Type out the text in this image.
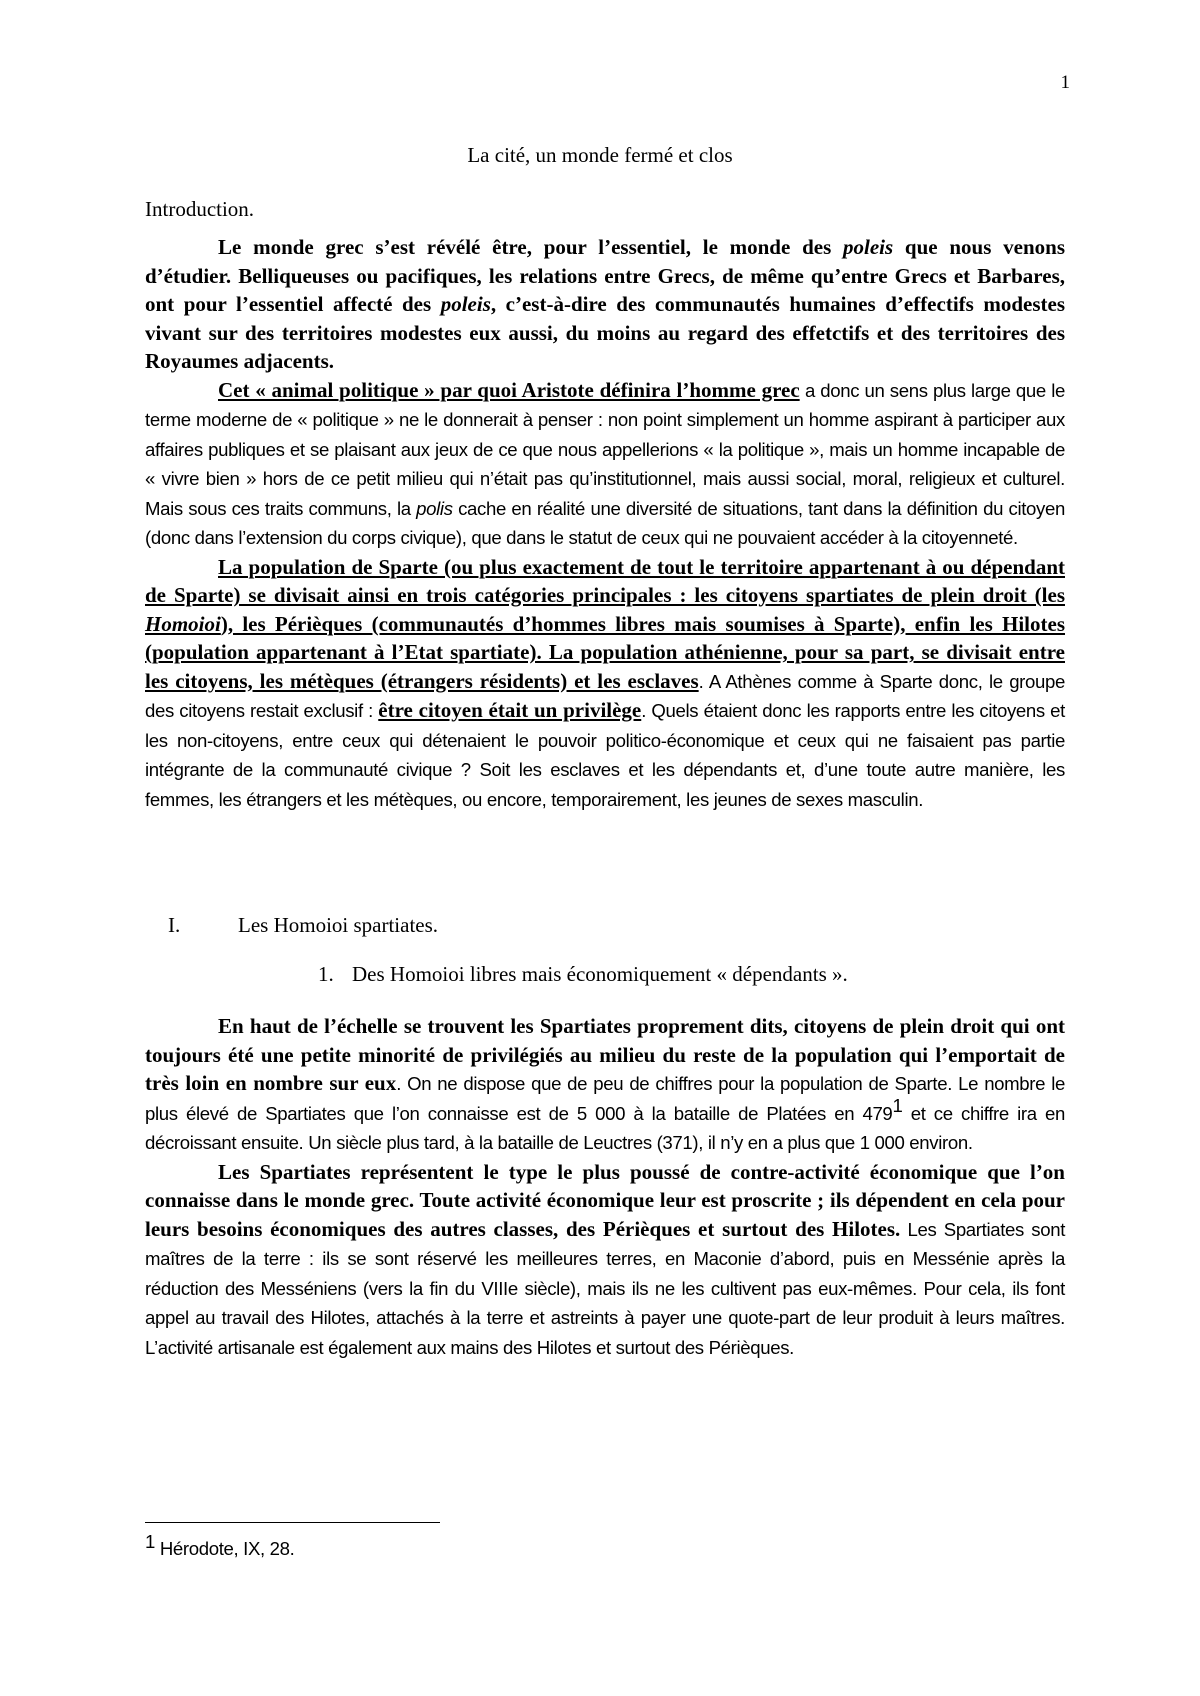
1
La cité, un monde fermé et clos
Introduction.

Le monde grec s’est révélé être, pour l’essentiel, le monde des poleis que nous venons d’étudier. Belliqueuses ou pacifiques, les relations entre Grecs, de même qu’entre Grecs et Barbares, ont pour l’essentiel affecté des poleis, c’est-à-dire des communautés humaines d’effectifs modestes vivant sur des territoires modestes eux aussi, du moins au regard des effetctifs et des territoires des Royaumes adjacents.

Cet « animal politique » par quoi Aristote définira l’homme grec a donc un sens plus large que le terme moderne de « politique » ne le donnerait à penser : non point simplement un homme aspirant à participer aux affaires publiques et se plaisant aux jeux de ce que nous appellerions « la politique », mais un homme incapable de « vivre bien » hors de ce petit milieu qui n’était pas qu’institutionnel, mais aussi social, moral, religieux et culturel. Mais sous ces traits communs, la polis cache en réalité une diversité de situations, tant dans la définition du citoyen (donc dans l’extension du corps civique), que dans le statut de ceux qui ne pouvaient accéder à la citoyenneté.

La population de Sparte (ou plus exactement de tout le territoire appartenant à ou dépendant de Sparte) se divisait ainsi en trois catégories principales : les citoyens spartiates de plein droit (les Homoioi), les Périèques (communautés d’hommes libres mais soumises à Sparte), enfin les Hilotes (population appartenant à l’Etat spartiate). La population athénienne, pour sa part, se divisait entre les citoyens, les métèques (étrangers résidents) et les esclaves. A Athènes comme à Sparte donc, le groupe des citoyens restait exclusif : être citoyen était un privilège. Quels étaient donc les rapports entre les citoyens et les non-citoyens, entre ceux qui détenaient le pouvoir politico-économique et ceux qui ne faisaient pas partie intégrante de la communauté civique ? Soit les esclaves et les dépendants et, d’une toute autre manière, les femmes, les étrangers et les métèques, ou encore, temporairement, les jeunes de sexes masculin.

I.	Les Homoioi spartiates.
1. Des Homoioi libres mais économiquement « dépendants ».

En haut de l’échelle se trouvent les Spartiates proprement dits, citoyens de plein droit qui ont toujours été une petite minorité de privilégiés au milieu du reste de la population qui l’emportait de très loin en nombre sur eux. On ne dispose que de peu de chiffres pour la population de Sparte. Le nombre le plus élevé de Spartiates que l’on connaisse est de 5 000 à la bataille de Platées en $479^1$ et ce chiffre ira en décroissant ensuite. Un siècle plus tard, à la bataille de Leuctres (371), il n’y en a plus que 1 000 environ.

Les Spartiates représentent le type le plus poussé de contre-activité économique que l’on connaisse dans le monde grec. Toute activité économique leur est proscrite ; ils dépendent en cela pour leurs besoins économiques des autres classes, des Périèques et surtout des Hilotes. Les Spartiates sont maîtres de la terre : ils se sont réservé les meilleures terres, en Maconie d’abord, puis en Messénie après la réduction des Messéniens (vers la fin du VIIIe siècle), mais ils ne les cultivent pas eux-mêmes. Pour cela, ils font appel au travail des Hilotes, attachés à la terre et astreints à payer une quote-part de leur produit à leurs maîtres. L’activité artisanale est également aux mains des Hilotes et surtout des Périèques.

$^1$ Hérodote, IX, 28.
